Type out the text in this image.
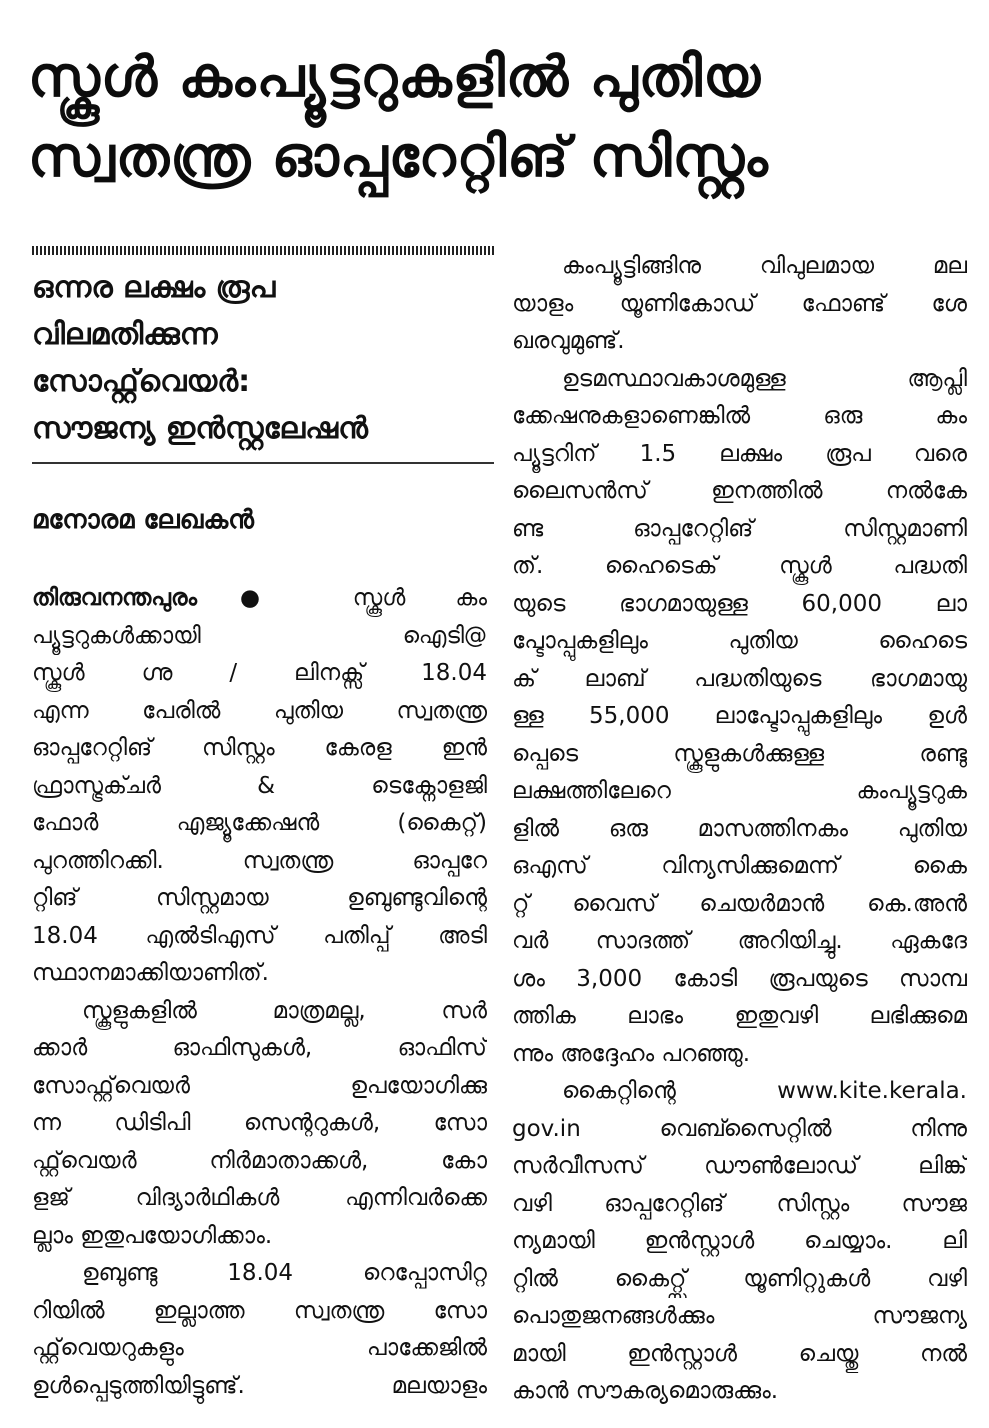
സ്കൂൾ കംപ്യൂട്ടറുകളിൽ പുതിയ
സ്വതന്ത്ര ഓപ്പറേറ്റിങ് സിസ്റ്റം
ഒന്നര ലക്ഷം രൂപ
വിലമതിക്കുന്ന
സോഫ്റ്റ്‌വെയർ:
സൗജന്യ ഇൻസ്റ്റലേഷൻ
മനോരമ ലേഖകൻ

തിരുവനന്തപുരം● സ്കൂൾ കം
പ്യൂട്ടറുകൾക്കായി ഐടി@
സ്കൂൾ ഗ്നു / ലിനക്സ് 18.04
എന്ന പേരിൽ പുതിയ സ്വതന്ത്ര
ഓപ്പറേറ്റിങ് സിസ്റ്റം കേരള ഇൻ
ഫ്രാസ്ട്രക്ചർ & ടെക്നോളജി
ഫോർ എജ്യൂക്കേഷൻ (കൈറ്റ്)
പുറത്തിറക്കി. സ്വതന്ത്ര ഓപ്പറേ
റ്റിങ് സിസ്റ്റമായ ഉബുണ്ടുവിന്റെ
18.04 എൽടിഎസ് പതിപ്പ് അടി
സ്ഥാനമാക്കിയാണിത്.

സ്കൂളുകളിൽ മാത്രമല്ല, സർ
ക്കാർ ഓഫിസുകൾ, ഓഫിസ്
സോഫ്റ്റ്‌വെയർ ഉപയോഗിക്കു
ന്ന ഡിടിപി സെന്ററുകൾ, സോ
ഫ്റ്റ്‌വെയർ നിർമാതാക്കൾ, കോ
ളജ് വിദ്യാർഥികൾ എന്നിവർക്കെ
ല്ലാം ഇതുപയോഗിക്കാം.

ഉബുണ്ടു 18.04 റെപ്പോസിറ്റ
റിയിൽ ഇല്ലാത്ത സ്വതന്ത്ര സോ
ഫ്റ്റ്‌വെയറുകളും പാക്കേജിൽ
ഉൾപ്പെടുത്തിയിട്ടുണ്ട്. മലയാളം

കംപ്യൂട്ടിങ്ങിനു വിപുലമായ മല
യാളം യൂണികോഡ് ഫോണ്ട് ശേ
ഖരവുമുണ്ട്.

ഉടമസ്ഥാവകാശമുള്ള ആപ്ലി
ക്കേഷനുകളാണെങ്കിൽ ഒരു കം
പ്യൂട്ടറിന് 1.5 ലക്ഷം രൂപ വരെ
ലൈസൻസ് ഇനത്തിൽ നൽകേ
ണ്ട ഓപ്പറേറ്റിങ് സിസ്റ്റമാണി
ത്. ഹൈടെക് സ്കൂൾ പദ്ധതി
യുടെ ഭാഗമായുള്ള 60,000 ലാ
പ്ടോപ്പുകളിലും പുതിയ ഹൈടെ
ക് ലാബ് പദ്ധതിയുടെ ഭാഗമായു
ള്ള 55,000 ലാപ്ടോപ്പുകളിലും ഉൾ
പ്പെടെ സ്കൂളുകൾക്കുള്ള രണ്ടു
ലക്ഷത്തിലേറെ കംപ്യൂട്ടറുക
ളിൽ ഒരു മാസത്തിനകം പുതിയ
ഒഎസ് വിന്യസിക്കുമെന്ന് കൈ
റ്റ് വൈസ് ചെയർമാൻ കെ.അൻ
വർ സാദത്ത് അറിയിച്ചു. ഏകദേ
ശം 3,000 കോടി രൂപയുടെ സാമ്പ
ത്തിക ലാഭം ഇതുവഴി ലഭിക്കുമെ
ന്നും അദ്ദേഹം പറഞ്ഞു.

കൈറ്റിന്റെ www.kite.kerala.
gov.in വെബ്സൈറ്റിൽ നിന്നു
സർവീസസ് ഡൗൺലോഡ് ലിങ്ക്
വഴി ഓപ്പറേറ്റിങ് സിസ്റ്റം സൗജ
ന്യമായി ഇൻസ്റ്റാൾ ചെയ്യാം. ലി
റ്റിൽ കൈറ്റ്സ് യൂണിറ്റുകൾ വഴി
പൊതുജനങ്ങൾക്കും സൗജന്യ
മായി ഇൻസ്റ്റാൾ ചെയ്തു നൽ
കാൻ സൗകര്യമൊരുക്കും.
